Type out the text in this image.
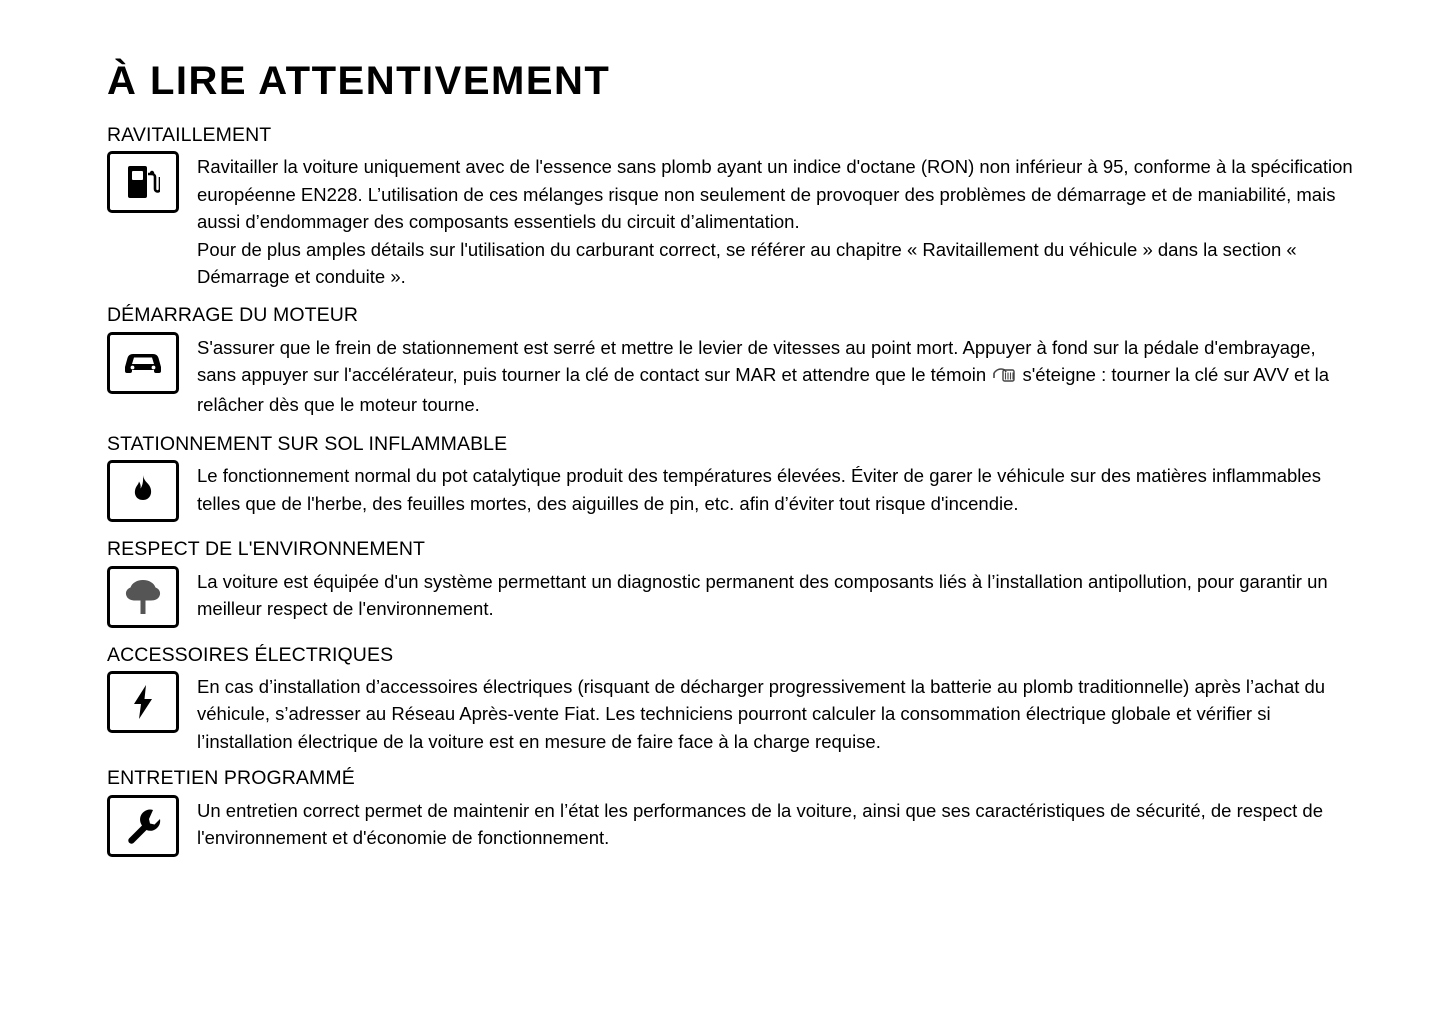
À LIRE ATTENTIVEMENT
RAVITAILLEMENT

Ravitailler la voiture uniquement avec de l'essence sans plomb ayant un indice d'octane (RON) non inférieur à 95, conforme à la spécification européenne EN228. L’utilisation de ces mélanges risque non seulement de provoquer des problèmes de démarrage et de maniabilité, mais aussi d’endommager des composants essentiels du circuit d’alimentation.

Pour de plus amples détails sur l'utilisation du carburant correct, se référer au chapitre « Ravitaillement du véhicule » dans la section « Démarrage et conduite ».

DÉMARRAGE DU MOTEUR

S'assurer que le frein de stationnement est serré et mettre le levier de vitesses au point mort. Appuyer à fond sur la pédale d'embrayage, sans appuyer sur l'accélérateur, puis tourner la clé de contact sur MAR et attendre que le témoin  s'éteigne : tourner la clé sur AVV et la relâcher dès que le moteur tourne.

STATIONNEMENT SUR SOL INFLAMMABLE

Le fonctionnement normal du pot catalytique produit des températures élevées. Éviter de garer le véhicule sur des matières inflammables telles que de l'herbe, des feuilles mortes, des aiguilles de pin, etc. afin d’éviter tout risque d'incendie.

RESPECT DE L'ENVIRONNEMENT

La voiture est équipée d'un système permettant un diagnostic permanent des composants liés à l’installation antipollution, pour garantir un meilleur respect de l'environnement.

ACCESSOIRES ÉLECTRIQUES

En cas d’installation d’accessoires électriques (risquant de décharger progressivement la batterie au plomb traditionnelle) après l’achat du véhicule, s’adresser au Réseau Après-vente Fiat. Les techniciens pourront calculer la consommation électrique globale et vérifier si l’installation électrique de la voiture est en mesure de faire face à la charge requise.

ENTRETIEN PROGRAMMÉ

Un entretien correct permet de maintenir en l’état les performances de la voiture, ainsi que ses caractéristiques de sécurité, de respect de l'environnement et d'économie de fonctionnement.
